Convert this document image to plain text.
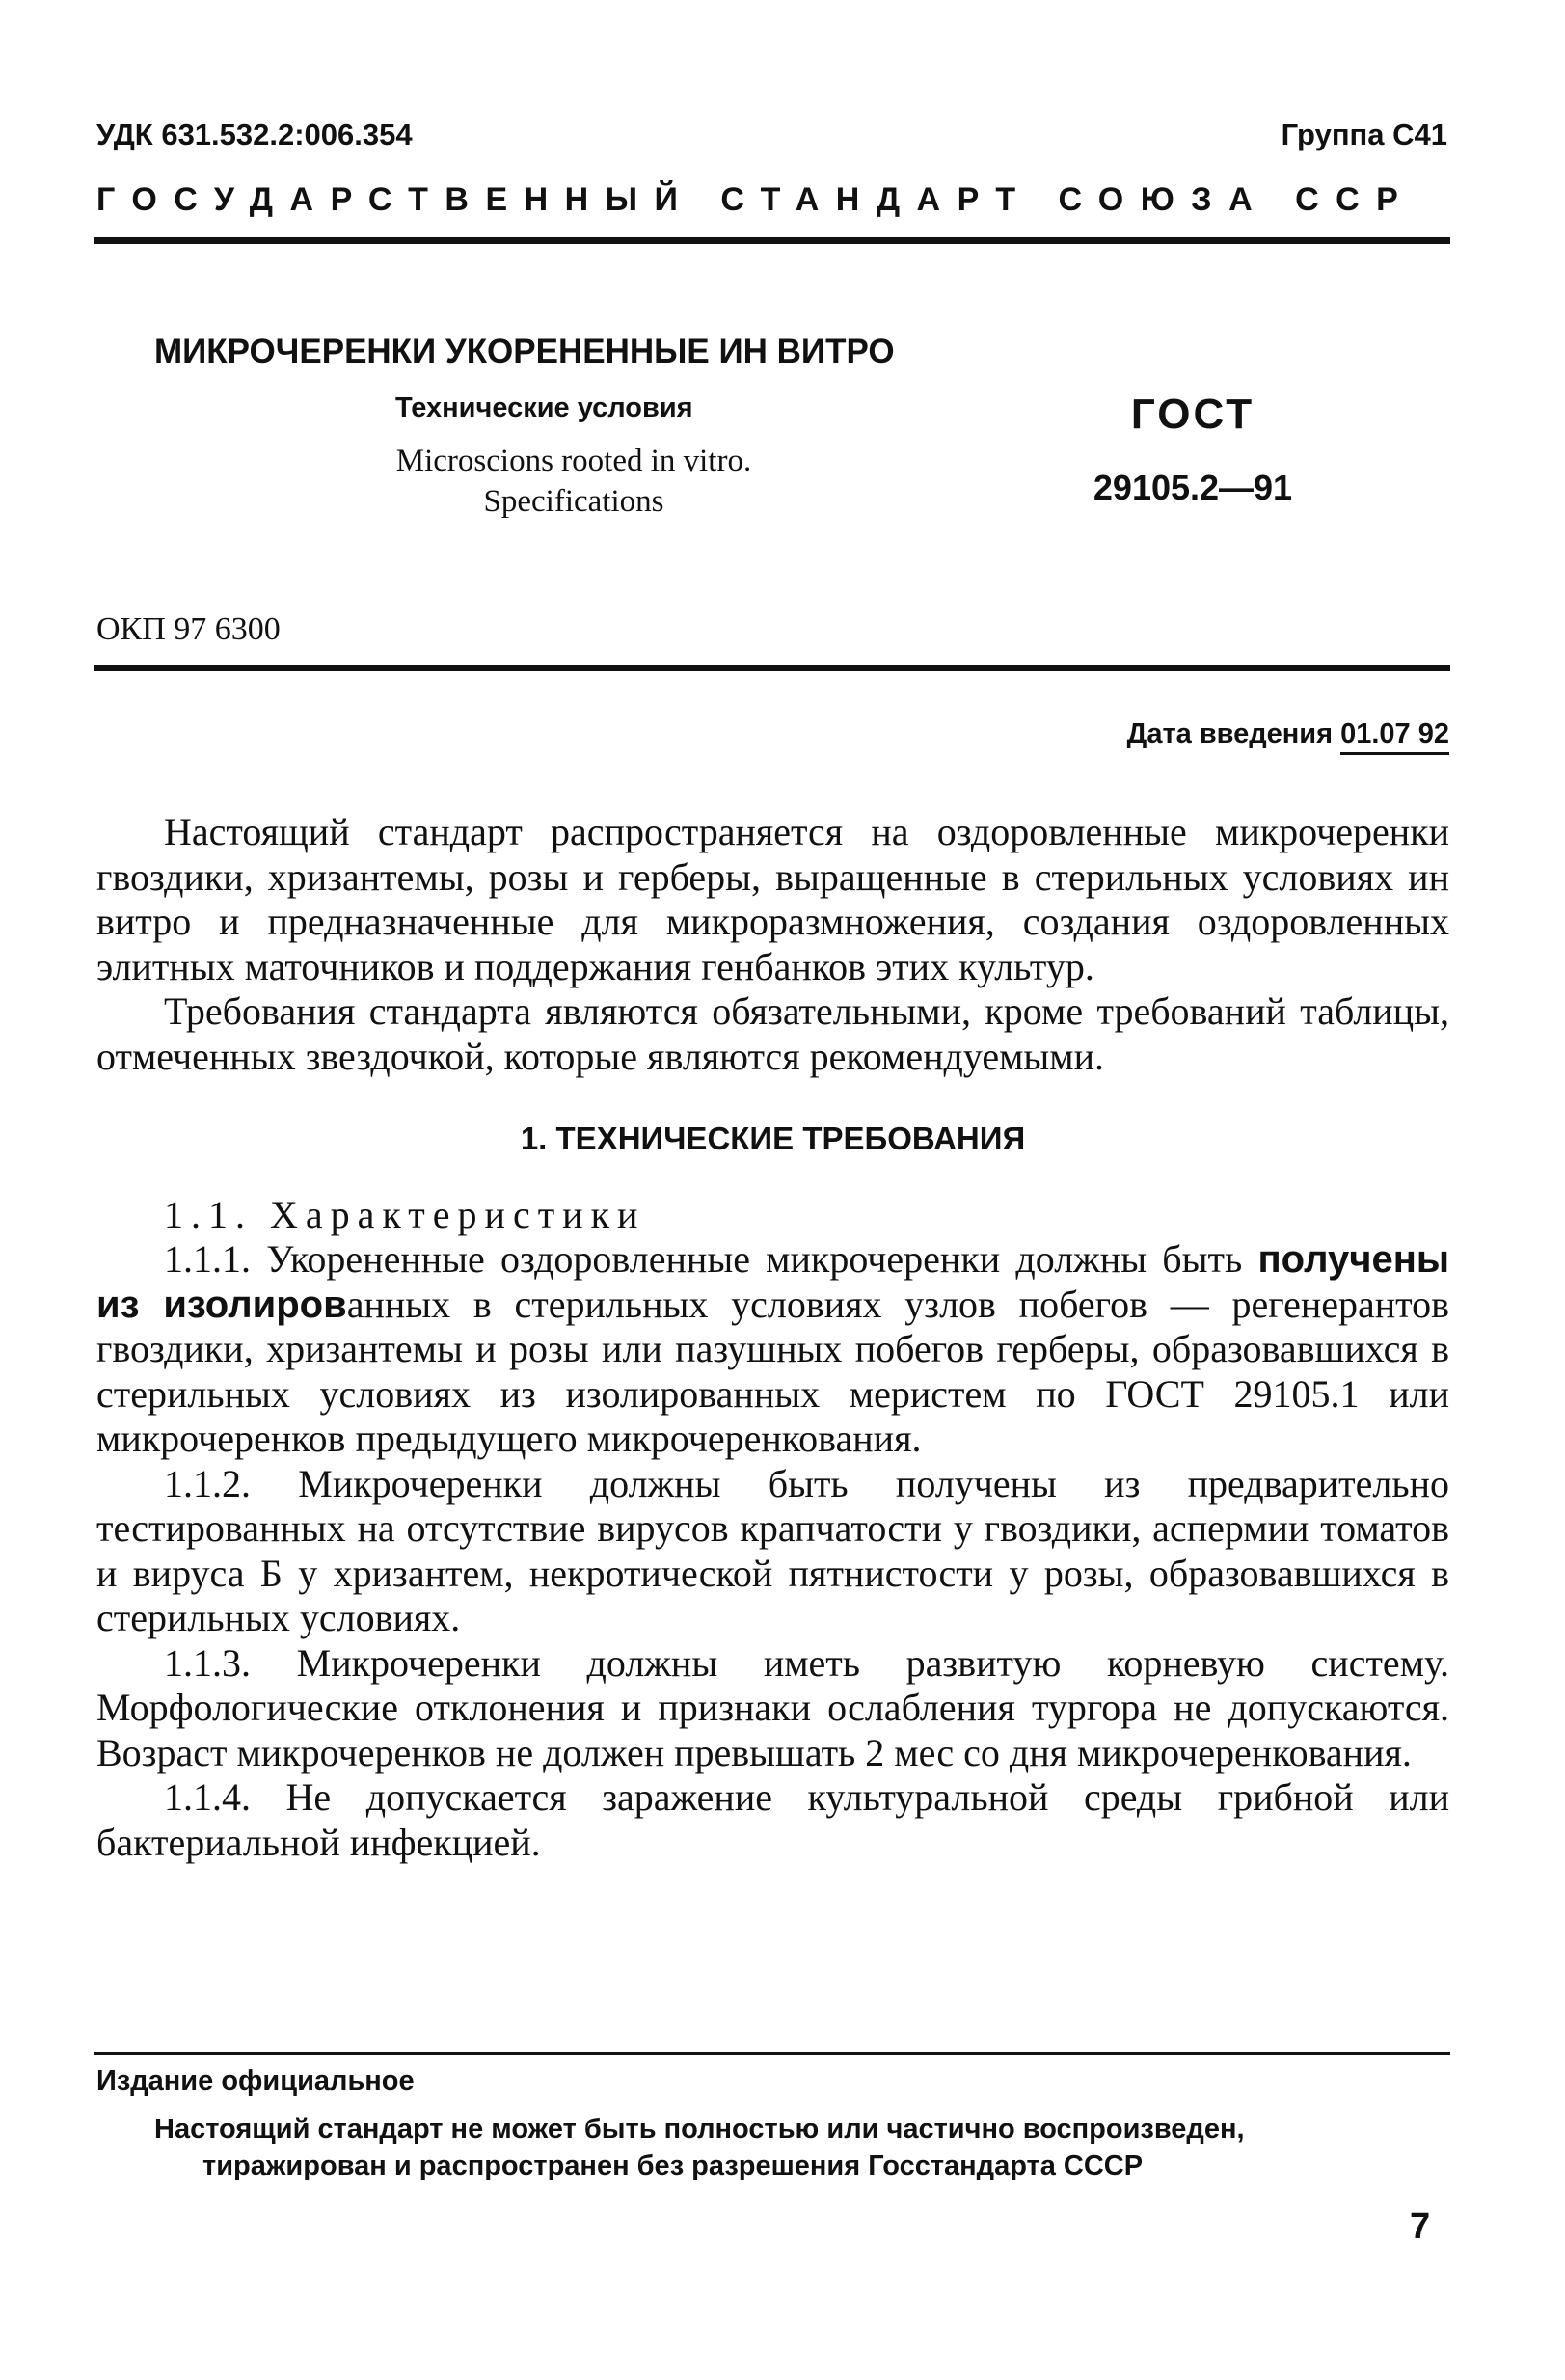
УДК 631.532.2:006.354	Группа С41
ГОСУДАРСТВЕННЫЙ СТАНДАРТ СОЮЗА ССР
МИКРОЧЕРЕНКИ УКОРЕНЕННЫЕ ИН ВИТРО
Технические условия
Microscions rooted in vitro.
Specifications
ГОСТ
29105.2—91
ОКП 97 6300
Дата введения 01.07 92

Настоящий стандарт распространяется на оздоровленные микрочеренки гвоздики, хризантемы, розы и герберы, выращенные в стерильных условиях ин витро и предназначенные для микроразмножения, создания оздоровленных элитных маточников и поддержания генбанков этих культур.

Требования стандарта являются обязательными, кроме требований таблицы, отмеченных звездочкой, которые являются рекомендуемыми.

1. ТЕХНИЧЕСКИЕ ТРЕБОВАНИЯ

1.1. Характеристики

1.1.1. Укорененные оздоровленные микрочеренки должны быть получены из изолированных в стерильных условиях узлов побегов — регенерантов гвоздики, хризантемы и розы или пазушных побегов герберы, образовавшихся в стерильных условиях из изолированных меристем по ГОСТ 29105.1 или микрочеренков предыдущего микрочеренкования.

1.1.2. Микрочеренки должны быть получены из предварительно тестированных на отсутствие вирусов крапчатости у гвоздики, аспермии томатов и вируса Б у хризантем, некротической пятнистости у розы, образовавшихся в стерильных условиях.

1.1.3. Микрочеренки должны иметь развитую корневую систему. Морфологические отклонения и признаки ослабления тургора не допускаются. Возраст микрочеренков не должен превышать 2 мес со дня микрочеренкования.

1.1.4. Не допускается заражение культуральной среды грибной или бактериальной инфекцией.

Издание официальное
Настоящий стандарт не может быть полностью или частично воспроизведен,
тиражирован и распространен без разрешения Госстандарта СССР
7
